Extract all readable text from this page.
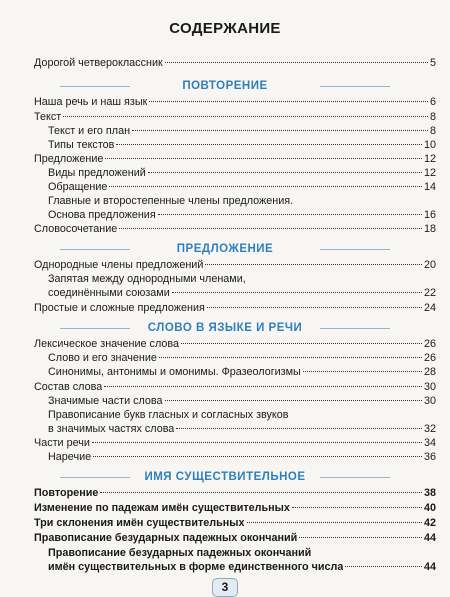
СОДЕРЖАНИЕ
Дорогой четвероклассник	5
ПОВТОРЕНИЕ
Наша речь и наш язык	6
Текст	8
Текст и его план	8
Типы текстов	10
Предложение	12
Виды предложений	12
Обращение	14
Главные и второстепенные члены предложения.
Основа предложения	16
Словосочетание	18
ПРЕДЛОЖЕНИЕ
Однородные члены предложений	20
Запятая между однородными членами,
соединёнными союзами	22
Простые и сложные предложения	24
СЛОВО В ЯЗЫКЕ И РЕЧИ
Лексическое значение слова	26
Слово и его значение	26
Синонимы, антонимы и омонимы. Фразеологизмы	28
Состав слова	30
Значимые части слова	30
Правописание букв гласных и согласных звуков
в значимых частях слова	32
Части речи	34
Наречие	36
ИМЯ СУЩЕСТВИТЕЛЬНОЕ
Повторение	38
Изменение по падежам имён существительных	40
Три склонения имён существительных	42
Правописание безударных падежных окончаний	44
Правописание безударных падежных окончаний
имён существительных в форме единственного числа	44
3
